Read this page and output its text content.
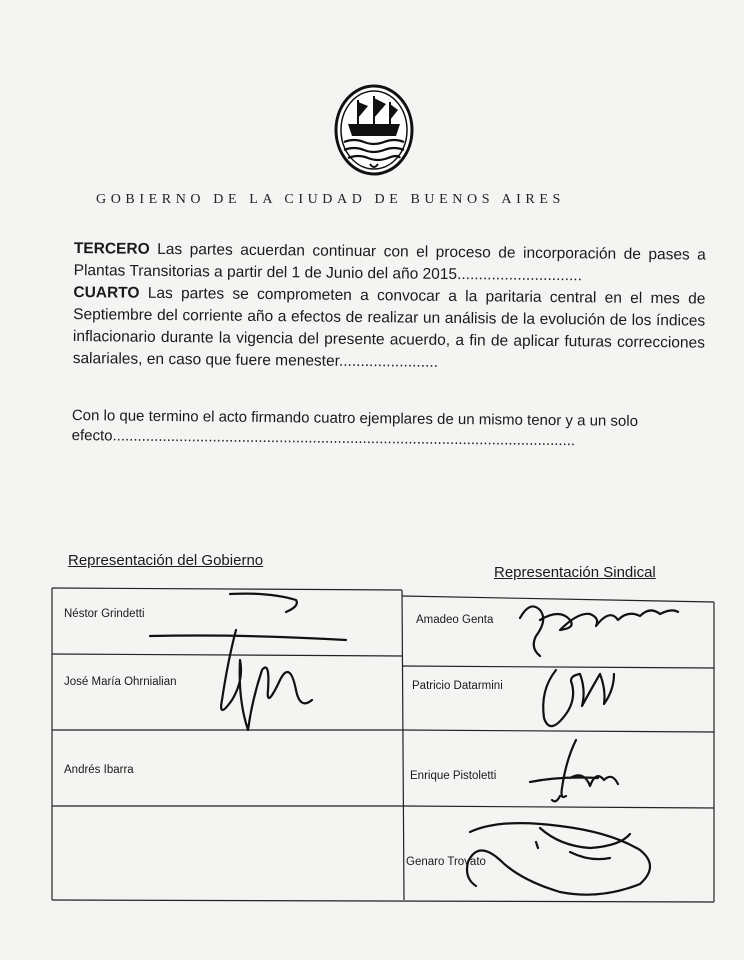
GOBIERNO DE LA CIUDAD DE BUENOS AIRES

TERCERO Las partes acuerdan continuar con el proceso de incorporación de pases a Plantas Transitorias a partir del 1 de Junio del año 2015.............................

CUARTO Las partes se comprometen a convocar a la paritaria central en el mes de Septiembre del corriente año a efectos de realizar un análisis de la evolución de los índices inflacionario durante la vigencia del presente acuerdo, a fin de aplicar futuras correcciones salariales, en caso que fuere menester.......................

Con lo que termino el acto firmando cuatro ejemplares de un mismo tenor y a un solo efecto...............................................................................................................
Representación del Gobierno
Representación Sindical
Néstor Grindetti
José María Ohrnialian
Andrés Ibarra
Amadeo Genta
Patricio Datarmini
Enrique Pistoletti
Genaro Trovato
